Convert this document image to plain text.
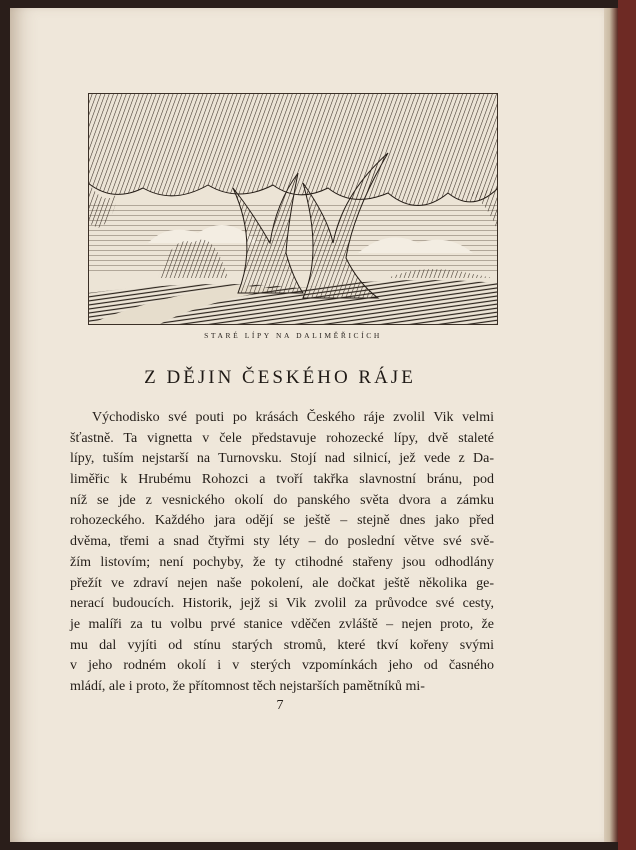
STARÉ LÍPY NA DALIMĚŘICÍCH
Z DĚJIN ČESKÉHO RÁJE
Východisko své pouti po krásách Českého ráje zvolil Vik velmi
šťastně. Ta vignetta v čele představuje rohozecké lípy, dvě staleté
lípy, tuším nejstarší na Turnovsku. Stojí nad silnicí, jež vede z Da-
liměřic k Hrubému Rohozci a tvoří takřka slavnostní bránu, pod
níž se jde z vesnického okolí do panského světa dvora a zámku
rohozeckého. Každého jara odějí se ještě – stejně dnes jako před
dvěma, třemi a snad čtyřmi sty léty – do poslední větve své svě-
žím listovím; není pochyby, že ty ctihodné stařeny jsou odhodlány
přežít ve zdraví nejen naše pokolení, ale dočkat ještě několika ge-
nerací budoucích. Historik, jejž si Vik zvolil za průvodce své cesty,
je malíři za tu volbu prvé stanice vděčen zvláště – nejen proto, že
mu dal vyjíti od stínu starých stromů, které tkví kořeny svými
v jeho rodném okolí i v sterých vzpomínkách jeho od časného
mládí, ale i proto, že přítomnost těch nejstarších pamětníků mi-
7
